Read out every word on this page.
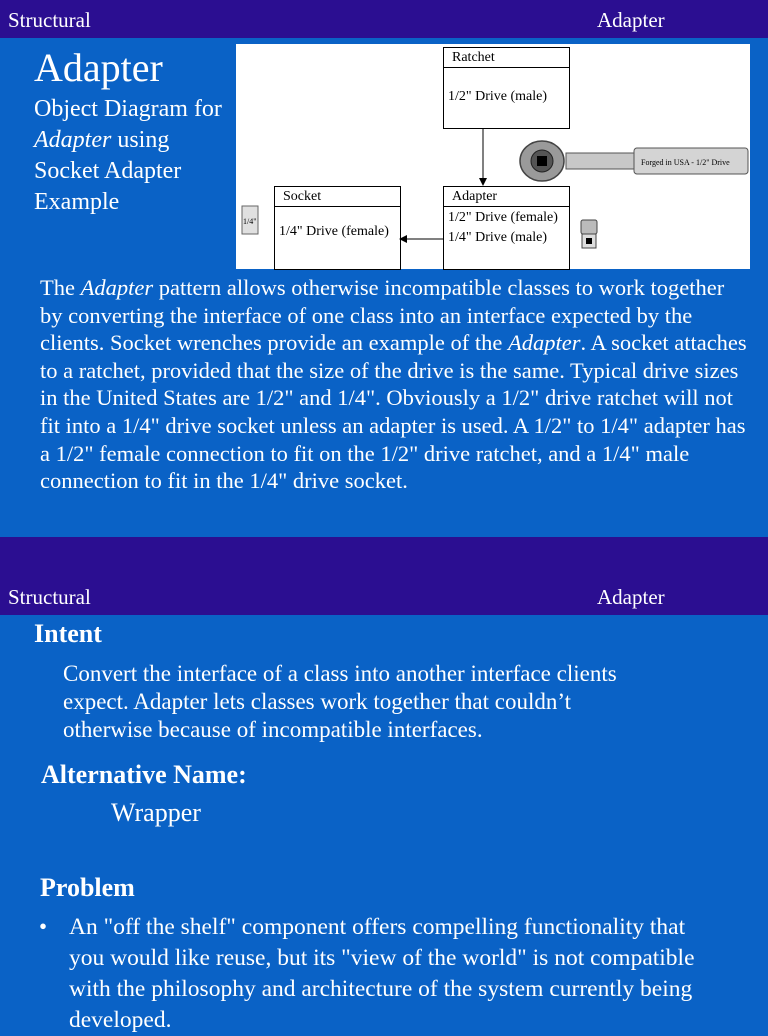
Structural	Adapter
Adapter
Object Diagram for Adapter using Socket Adapter Example
Ratchet
1/2" Drive (male)
Socket
1/4" Drive (female)
Adapter
1/2" Drive (female)
1/4" Drive (male)
Forged in USA - 1/2" Drive
1/4"
The Adapter pattern allows otherwise incompatible classes to work together by converting the interface of one class into an interface expected by the clients. Socket wrenches provide an example of the Adapter. A socket attaches to a ratchet, provided that the size of the drive is the same. Typical drive sizes in the United States are 1/2" and 1/4". Obviously a 1/2" drive ratchet will not fit into a 1/4" drive socket unless an adapter is used. A 1/2" to 1/4" adapter has a 1/2" female connection to fit on the 1/2" drive ratchet, and a 1/4" male connection to fit in the 1/4" drive socket.
Structural	Adapter
Intent
Convert the interface of a class into another interface clients expect. Adapter lets classes work together that couldn’t otherwise because of incompatible interfaces.
Alternative Name:
Wrapper
Problem
• An "off the shelf" component offers compelling functionality that you would like reuse, but its "view of the world" is not compatible with the philosophy and architecture of the system currently being developed.
